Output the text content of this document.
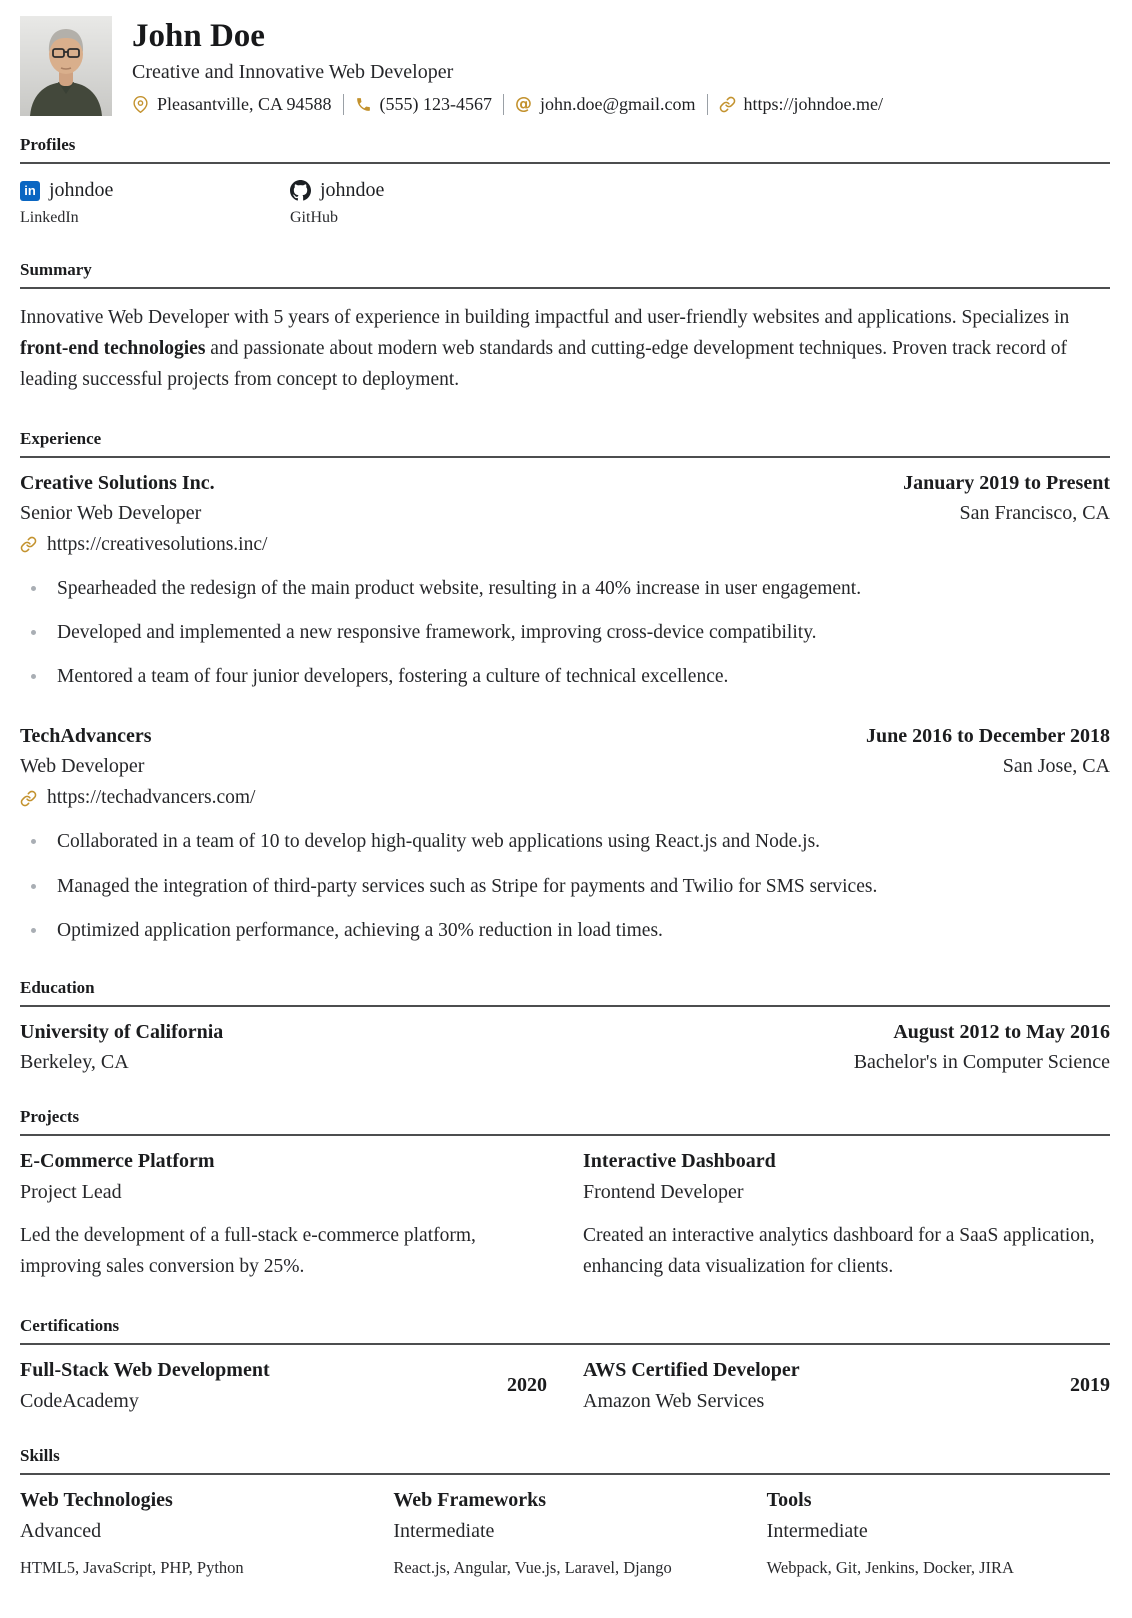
John Doe
Creative and Innovative Web Developer
Pleasantville, CA 94588	(555) 123-4567 @ john.doe@gmail.com	https://johndoe.me/
Profiles
in johndoe
LinkedIn
johndoe
GitHub
Summary

Innovative Web Developer with 5 years of experience in building impactful and user-friendly websites and applications. Specializes in front-end technologies and passionate about modern web standards and cutting-edge development techniques. Proven track record of leading successful projects from concept to deployment.

Experience
Creative Solutions Inc.	January 2019 to Present
Senior Web Developer	San Francisco, CA
https://creativesolutions.inc/
Spearheaded the redesign of the main product website, resulting in a 40% increase in user engagement.
Developed and implemented a new responsive framework, improving cross-device compatibility.
Mentored a team of four junior developers, fostering a culture of technical excellence.
TechAdvancers	June 2016 to December 2018
Web Developer	San Jose, CA
https://techadvancers.com/
Collaborated in a team of 10 to develop high-quality web applications using React.js and Node.js.
Managed the integration of third-party services such as Stripe for payments and Twilio for SMS services.
Optimized application performance, achieving a 30% reduction in load times.
Education
University of California	August 2012 to May 2016
Berkeley, CA	Bachelor's in Computer Science
Projects
E-Commerce Platform
Project Lead

Led the development of a full-stack e-commerce platform, improving sales conversion by 25%.

Interactive Dashboard
Frontend Developer

Created an interactive analytics dashboard for a SaaS application, enhancing data visualization for clients.

Certifications
Full-Stack Web Development
CodeAcademy
2020
AWS Certified Developer
Amazon Web Services
2019
Skills
Web Technologies
Advanced
HTML5, JavaScript, PHP, Python
Web Frameworks
Intermediate
React.js, Angular, Vue.js, Laravel, Django
Tools
Intermediate
Webpack, Git, Jenkins, Docker, JIRA
